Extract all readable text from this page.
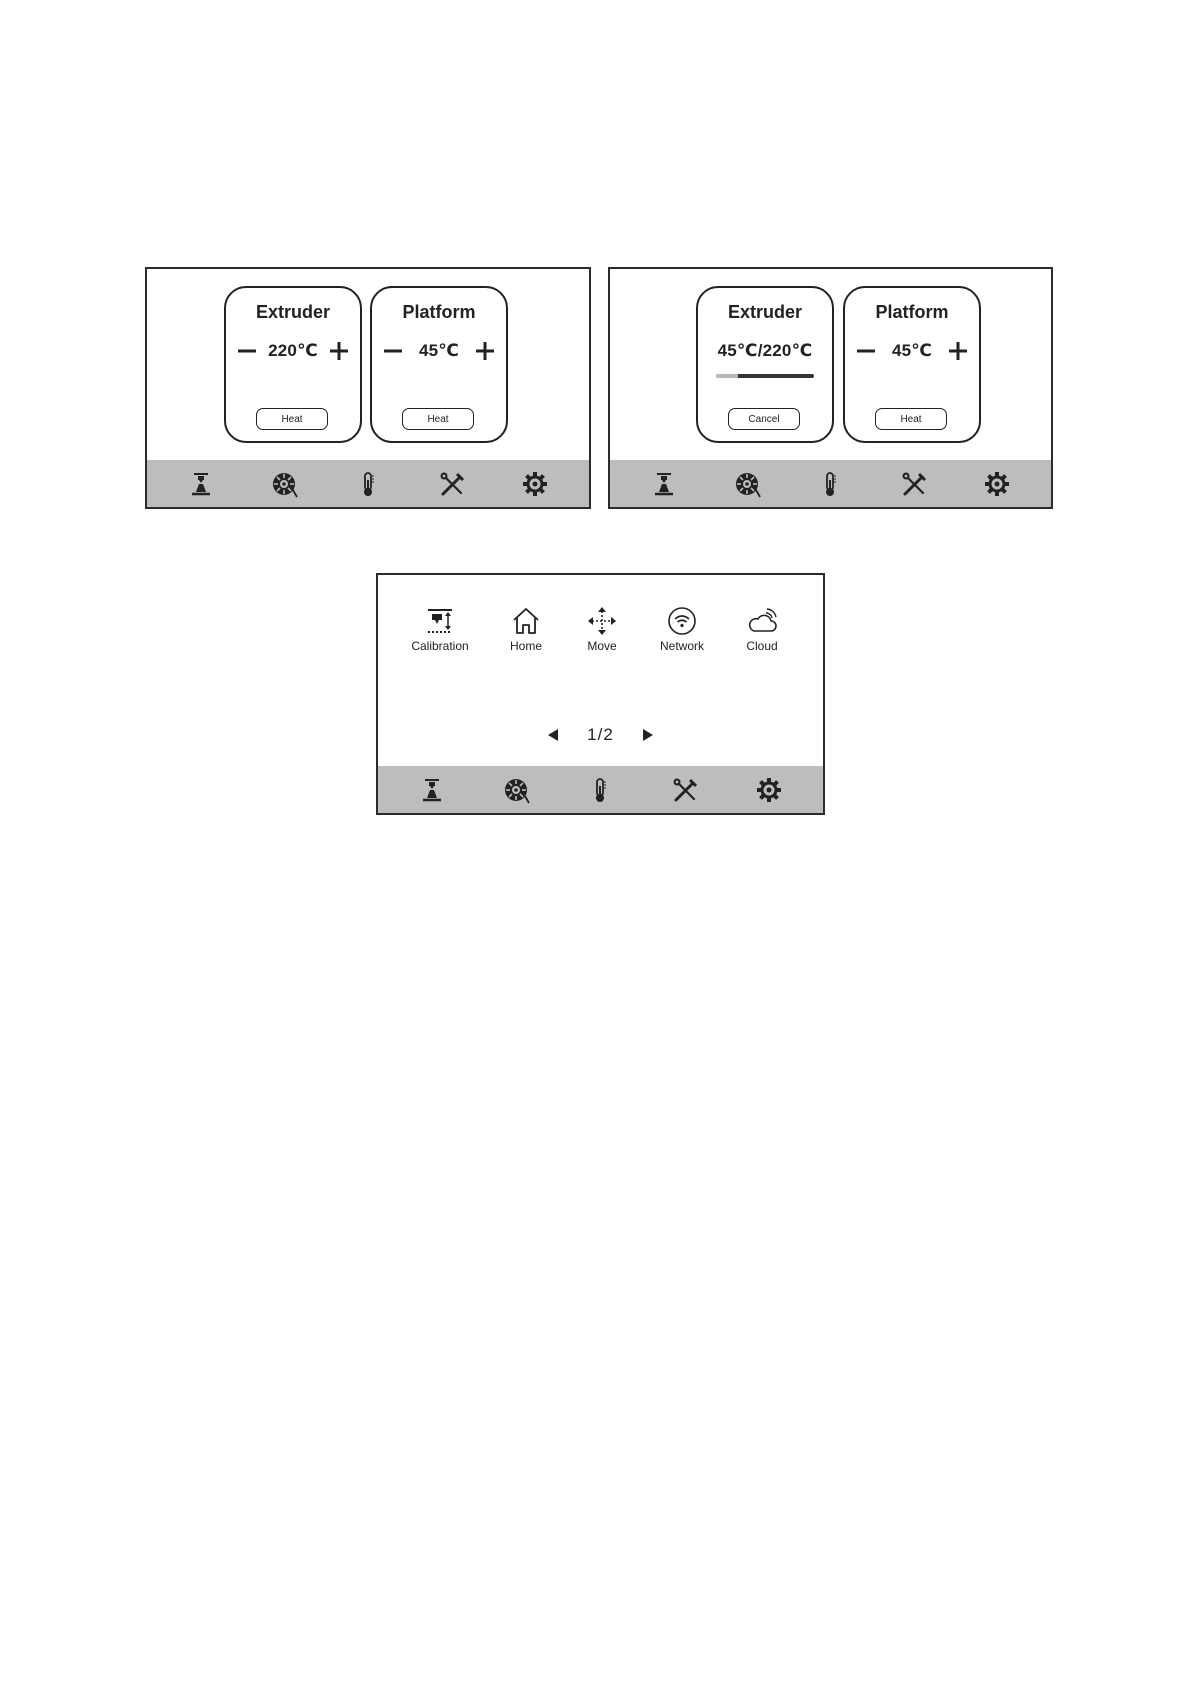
Extruder
220℃
Heat
Platform
45℃
Heat
Extruder
45℃/220℃
Cancel
Platform
45℃
Heat
Calibration	Home	Move	Network	Cloud
1/2
